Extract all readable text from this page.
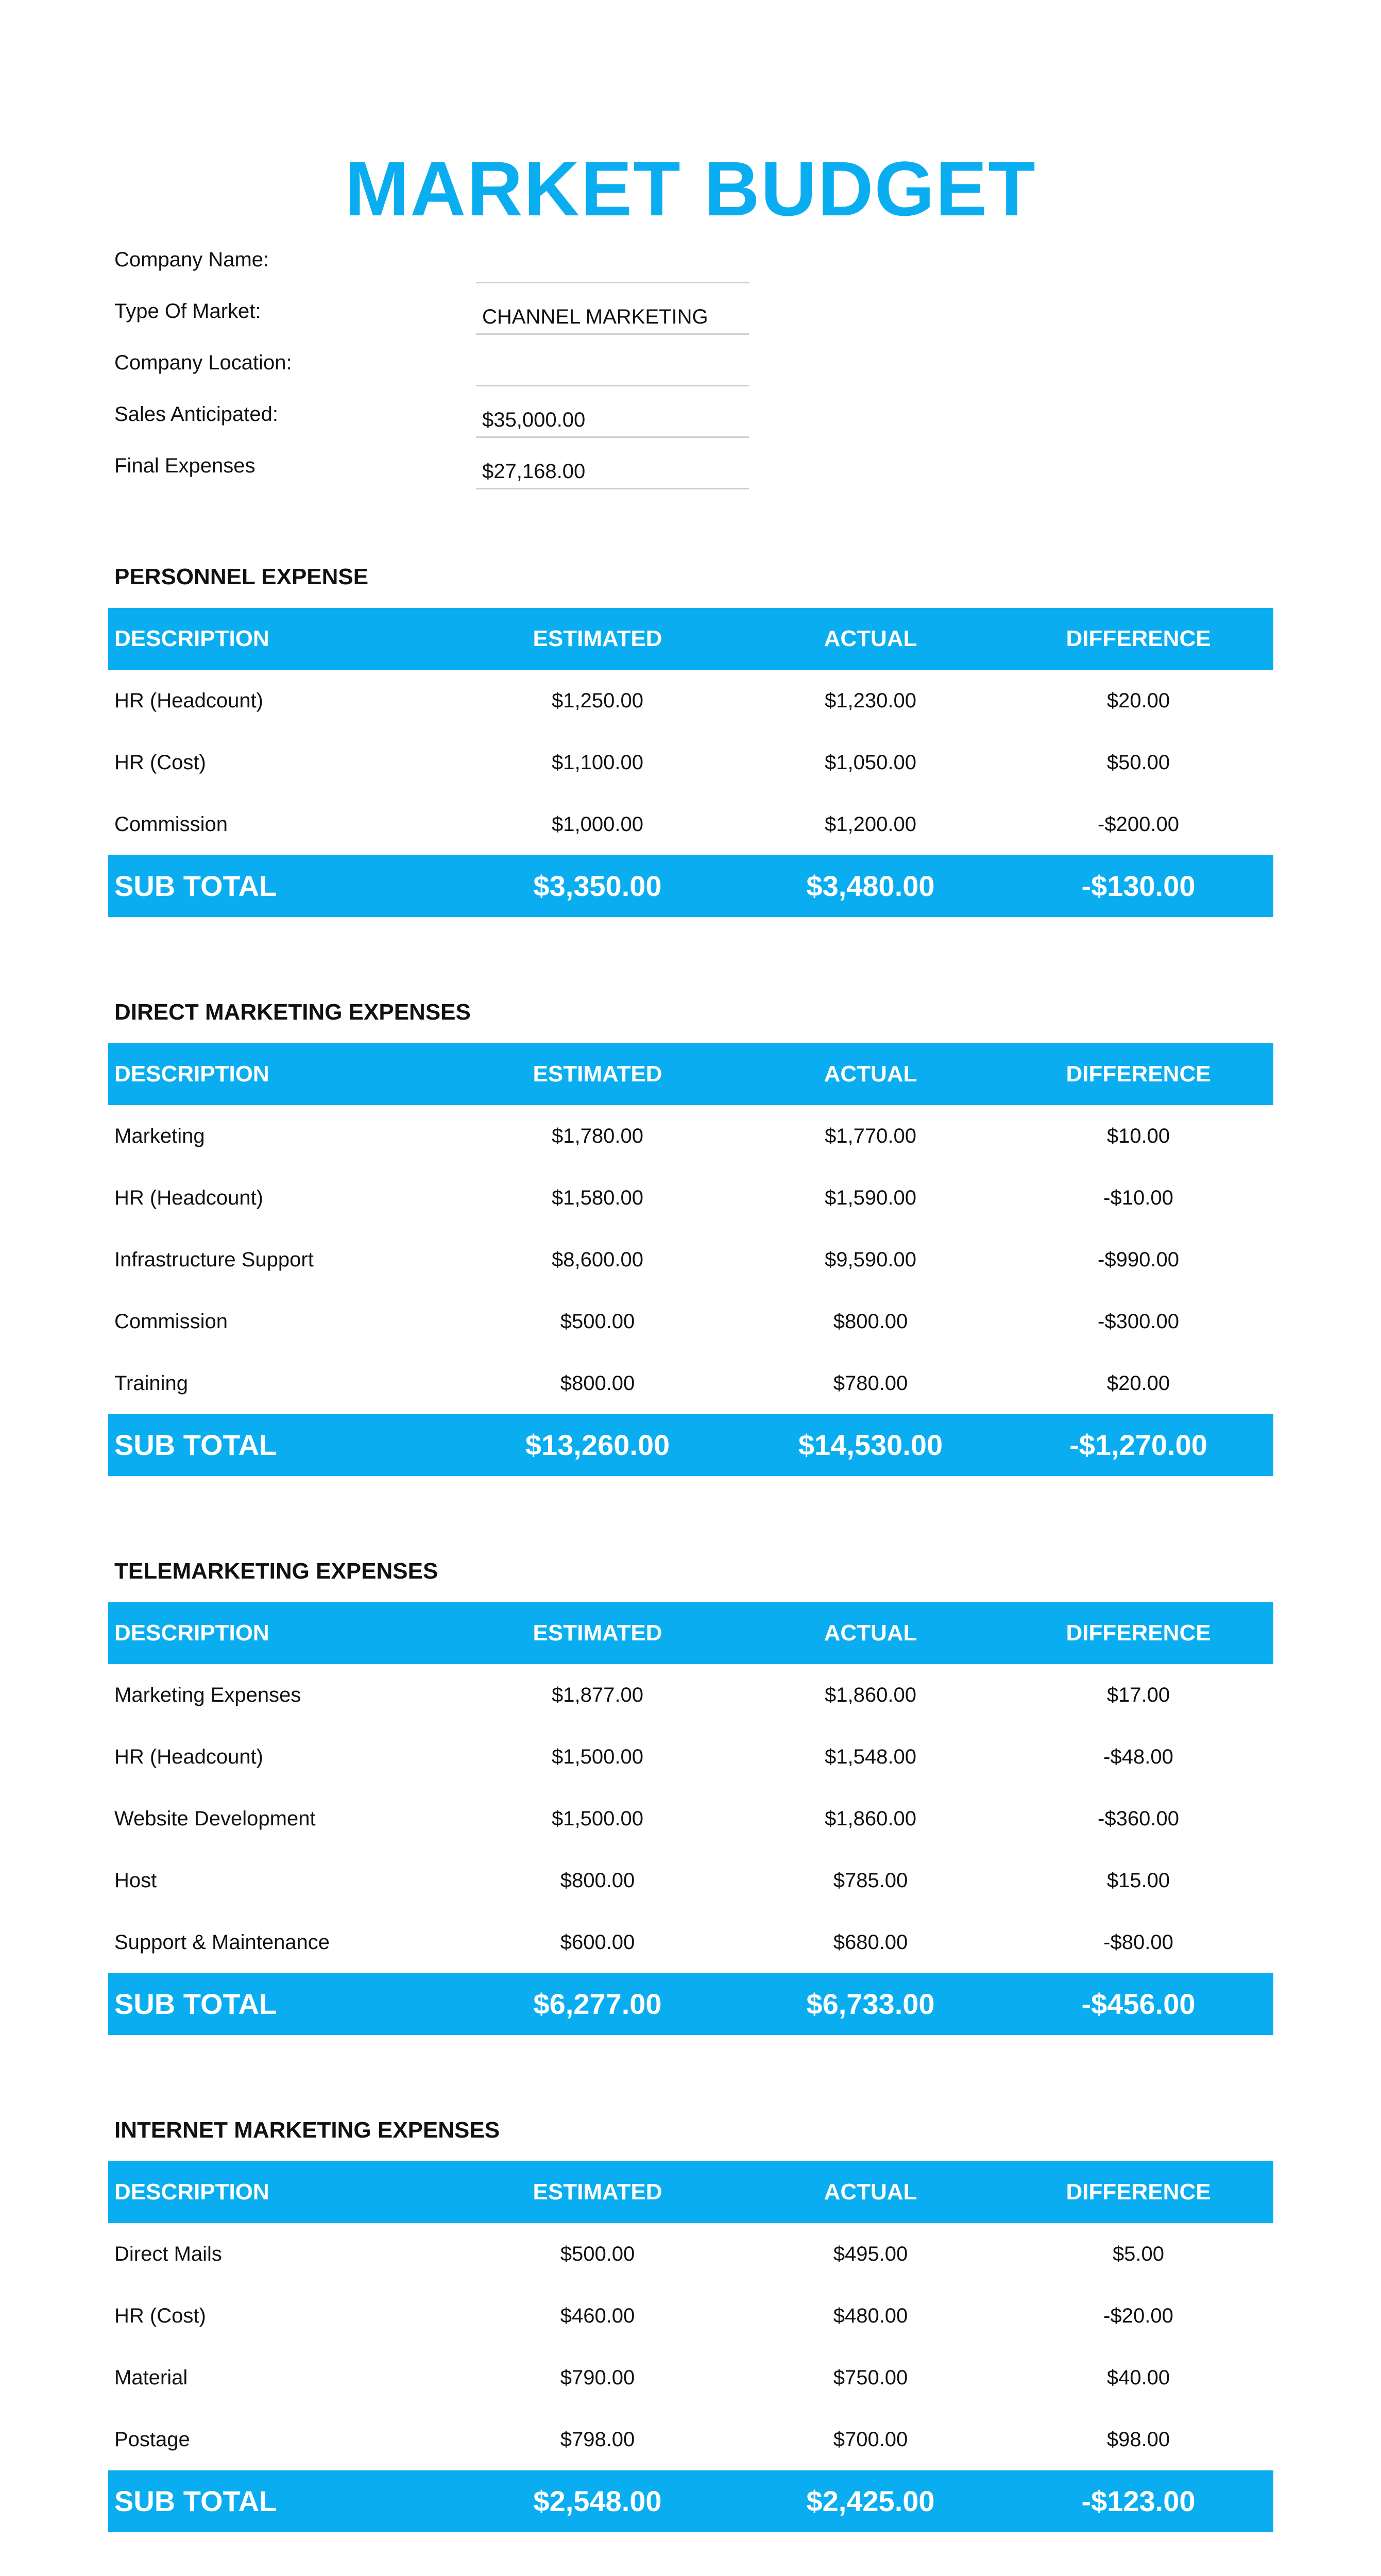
MARKET BUDGET
Company Name:
Type Of Market:	CHANNEL MARKETING
Company Location:
Sales Anticipated:	$35,000.00
Final Expenses	$27,168.00
PERSONNEL EXPENSE
DESCRIPTION	ESTIMATED	ACTUAL	DIFFERENCE
HR (Headcount)	$1,250.00	$1,230.00	$20.00
HR (Cost)	$1,100.00	$1,050.00	$50.00
Commission	$1,000.00	$1,200.00	-$200.00
SUB TOTAL	$3,350.00	$3,480.00	-$130.00
DIRECT MARKETING EXPENSES
DESCRIPTION	ESTIMATED	ACTUAL	DIFFERENCE
Marketing	$1,780.00	$1,770.00	$10.00
HR (Headcount)	$1,580.00	$1,590.00	-$10.00
Infrastructure Support	$8,600.00	$9,590.00	-$990.00
Commission	$500.00	$800.00	-$300.00
Training	$800.00	$780.00	$20.00
SUB TOTAL	$13,260.00	$14,530.00	-$1,270.00
TELEMARKETING EXPENSES
DESCRIPTION	ESTIMATED	ACTUAL	DIFFERENCE
Marketing Expenses	$1,877.00	$1,860.00	$17.00
HR (Headcount)	$1,500.00	$1,548.00	-$48.00
Website Development	$1,500.00	$1,860.00	-$360.00
Host	$800.00	$785.00	$15.00
Support & Maintenance	$600.00	$680.00	-$80.00
SUB TOTAL	$6,277.00	$6,733.00	-$456.00
INTERNET MARKETING EXPENSES
DESCRIPTION	ESTIMATED	ACTUAL	DIFFERENCE
Direct Mails	$500.00	$495.00	$5.00
HR (Cost)	$460.00	$480.00	-$20.00
Material	$790.00	$750.00	$40.00
Postage	$798.00	$700.00	$98.00
SUB TOTAL	$2,548.00	$2,425.00	-$123.00
